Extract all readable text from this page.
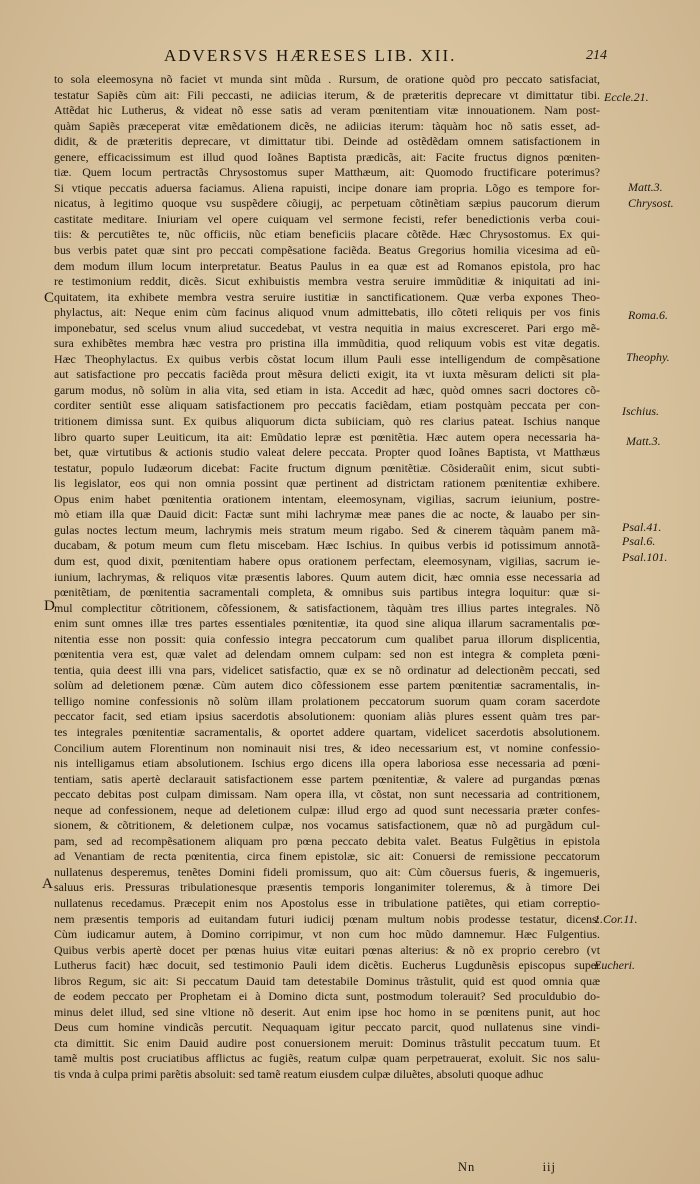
ADVERSVS HÆRESES LIB. XII.	214
to sola eleemosyna nõ faciet vt munda sint mũda . Rursum, de oratione quòd pro peccato satisfaciat,
testatur Sapiẽs cùm ait: Fili peccasti, ne adiicias iterum, & de præteritis deprecare vt dimittatur tibi.
Attẽdat hic Lutherus, & videat nõ esse satis ad veram pœnitentiam vitæ innouationem. Nam post-
quàm Sapiẽs præceperat vitæ emẽdationem dicẽs, ne adiicias iterum: tàquàm hoc nõ satis esset, ad-
didit, & de præteritis deprecare, vt dimittatur tibi. Deinde ad ostẽdẽdam omnem satisfactionem in
genere, efficacissimum est illud quod Ioãnes Baptista prædicãs, ait: Facite fructus dignos pœniten-
tiæ. Quem locum pertractãs Chrysostomus super Matthæum, ait: Quomodo fructificare poterimus?
Si vtique peccatis aduersa faciamus. Aliena rapuisti, incipe donare iam propria. Lõgo es tempore for-
nicatus, à legitimo quoque vsu suspẽdere cõiugij, ac perpetuam cõtinẽtiam sæpius paucorum dierum
castitate meditare. Iniuriam vel opere cuiquam vel sermone fecisti, refer benedictionis verba coui-
tiis: & percutiẽtes te, nũc officiis, nũc etiam beneficiis placare cõtẽde. Hæc Chrysostomus. Ex qui-
bus verbis patet quæ sint pro peccati compẽsatione faciẽda. Beatus Gregorius homilia vicesima ad eũ-
dem modum illum locum interpretatur. Beatus Paulus in ea quæ est ad Romanos epistola, pro hac
re testimonium reddit, dicẽs. Sicut exhibuistis membra vestra seruire immũditiæ & iniquitati ad ini-
quitatem, ita exhibete membra vestra seruire iustitiæ in sanctificationem. Quæ verba expones Theo-
phylactus, ait: Neque enim cùm facinus aliquod vnum admittebatis, illo cõteti reliquis per vos finis
imponebatur, sed scelus vnum aliud succedebat, vt vestra nequitia in maius excresceret. Pari ergo mẽ-
sura exhibẽtes membra hæc vestra pro pristina illa immũditia, quod reliquum vobis est vitæ degatis.
Hæc Theophylactus. Ex quibus verbis cõstat locum illum Pauli esse intelligendum de compẽsatione
aut satisfactione pro peccatis faciẽda prout mẽsura delicti exigit, ita vt iuxta mẽsuram delicti sit pla-
garum modus, nõ solùm in alia vita, sed etiam in ista. Accedit ad hæc, quòd omnes sacri doctores cõ-
corditer sentiũt esse aliquam satisfactionem pro peccatis faciẽdam, etiam postquàm peccata per con-
tritionem dimissa sunt. Ex quibus aliquorum dicta subiiciam, quò res clarius pateat. Ischius nanque
libro quarto super Leuiticum, ita ait: Emũdatio lepræ est pœnitẽtia. Hæc autem opera necessaria ha-
bet, quæ virtutibus & actionis studio valeat delere peccata. Propter quod Ioãnes Baptista, vt Matthæus
testatur, populo Iudæorum dicebat: Facite fructum dignum pœnitẽtiæ. Cõsideraũit enim, sicut subti-
lis legislator, eos qui non omnia possint quæ pertinent ad districtam rationem pœnitentiæ exhibere.
Opus enim habet pœnitentia orationem intentam, eleemosynam, vigilias, sacrum ieiunium, postre-
mò etiam illa quæ Dauid dicit: Factæ sunt mihi lachrymæ meæ panes die ac nocte, & lauabo per sin-
gulas noctes lectum meum, lachrymis meis stratum meum rigabo. Sed & cinerem tàquàm panem mã-
ducabam, & potum meum cum fletu miscebam. Hæc Ischius. In quibus verbis id potissimum annotã-
dum est, quod dixit, pœnitentiam habere opus orationem perfectam, eleemosynam, vigilias, sacrum ie-
iunium, lachrymas, & reliquos vitæ præsentis labores. Quum autem dicit, hæc omnia esse necessaria ad
pœnitẽtiam, de pœnitentia sacramentali completa, & omnibus suis partibus integra loquitur: quæ si-
mul complectitur cõtritionem, cõfessionem, & satisfactionem, tàquàm tres illius partes integrales. Nõ
enim sunt omnes illæ tres partes essentiales pœnitentiæ, ita quod sine aliqua illarum sacramentalis pœ-
nitentia esse non possit: quia confessio integra peccatorum cum qualibet parua illorum displicentia,
pœnitentia vera est, quæ valet ad delendam omnem culpam: sed non est integra & completa pœni-
tentia, quia deest illi vna pars, videlicet satisfactio, quæ ex se nõ ordinatur ad delectionẽm peccati, sed
solùm ad deletionem pœnæ. Cùm autem dico cõfessionem esse partem pœnitentiæ sacramentalis, in-
telligo nomine confessionis nõ solùm illam prolationem peccatorum suorum quam coram sacerdote
peccator facit, sed etiam ipsius sacerdotis absolutionem: quoniam aliàs plures essent quàm tres par-
tes integrales pœnitentiæ sacramentalis, & oportet addere quartam, videlicet sacerdotis absolutionem.
Concilium autem Florentinum non nominauit nisi tres, & ideo necessarium est, vt nomine confessio-
nis intelligamus etiam absolutionem. Ischius ergo dicens illa opera laboriosa esse necessaria ad pœni-
tentiam, satis apertè declarauit satisfactionem esse partem pœnitentiæ, & valere ad purgandas pœnas
peccato debitas post culpam dimissam. Nam opera illa, vt cõstat, non sunt necessaria ad contritionem,
neque ad confessionem, neque ad deletionem culpæ: illud ergo ad quod sunt necessaria præter confes-
sionem, & cõtritionem, & deletionem culpæ, nos vocamus satisfactionem, quæ nõ ad purgãdum cul-
pam, sed ad recompẽsationem aliquam pro pœna peccato debita valet. Beatus Fulgẽtius in epistola
ad Venantiam de recta pœnitentia, circa finem epistolæ, sic ait: Conuersi de remissione peccatorum
nullatenus desperemus, tenẽtes Domini fideli promissum, quo ait: Cùm cõuersus fueris, & ingemueris,
saluus eris. Pressuras tribulationesque præsentis temporis longanimiter toleremus, & à timore Dei
nullatenus recedamus. Præcepit enim nos Apostolus esse in tribulatione patiẽtes, qui etiam correptio-
nem præsentis temporis ad euitandam futuri iudicij pœnam multum nobis prodesse testatur, dicens:
Cùm iudicamur autem, à Domino corripimur, vt non cum hoc mũdo damnemur. Hæc Fulgentius.
Quibus verbis apertè docet per pœnas huius vitæ euitari pœnas alterius: & nõ ex proprio cerebro (vt
Lutherus facit) hæc docuit, sed testimonio Pauli idem dicẽtis. Eucherus Lugdunẽsis episcopus super
libros Regum, sic ait: Si peccatum Dauid tam detestabile Dominus trãstulit, quid est quod omnia quæ
de eodem peccato per Prophetam ei à Domino dicta sunt, postmodum tolerauit? Sed proculdubio do-
minus delet illud, sed sine vltione nõ deserit. Aut enim ipse hoc homo in se pœnitens punit, aut hoc
Deus cum homine vindicãs percutit. Nequaquam igitur peccato parcit, quod nullatenus sine vindi-
cta dimittit. Sic enim Dauid audire post conuersionem meruit: Dominus trãstulit peccatum tuum. Et
tamẽ multis post cruciatibus afflictus ac fugiẽs, reatum culpæ quam perpetrauerat, exoluit. Sic nos salu-
tis vnda à culpa primi parẽtis absoluit: sed tamẽ reatum eiusdem culpæ diluẽtes, absoluti quoque adhuc
Eccle.21.
Matt.3.
Chrysost.
Roma.6.
Theophy.
Ischius.
Matt.3.
Psal.41.
Psal.6.
Psal.101.
1.Cor.11.
Eucheri.
C
D
A
Nn	iij
